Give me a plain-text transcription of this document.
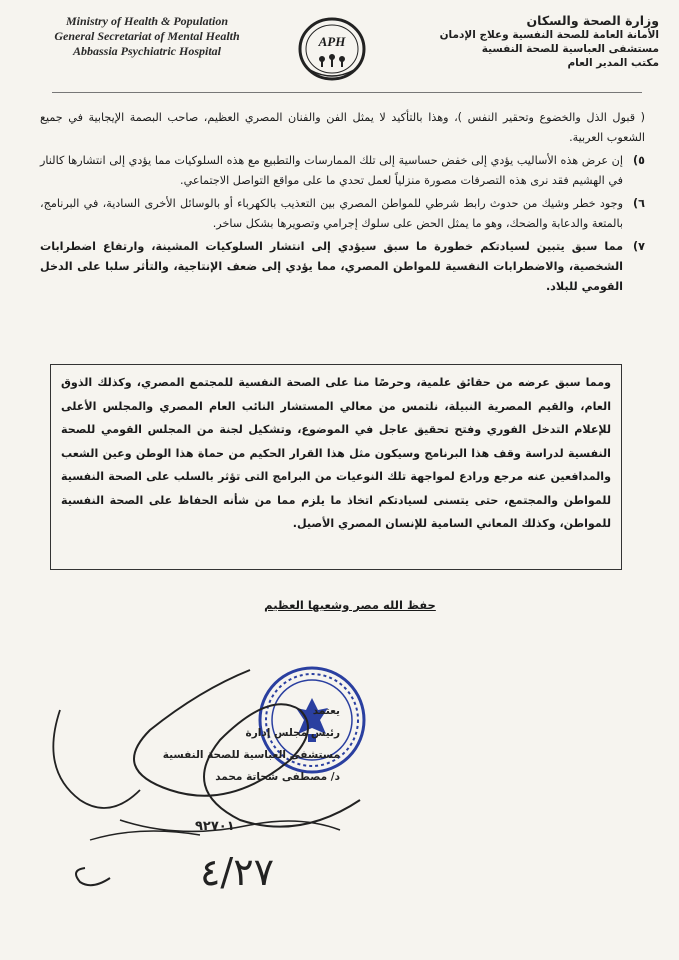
Ministry of Health & Population
General Secretariat of Mental Health
Abbassia Psychiatric Hospital
APH
وزارة الصحة والسكان
الأمانة العامة للصحة النفسية وعلاج الإدمان
مستشفى العباسية للصحة النفسية
مكتب المدير العام

( قبول الذل والخضوع وتحقير النفس )، وهذا بالتأكيد لا يمثل الفن والفنان المصري العظيم، صاحب البصمة الإيجابية في جميع الشعوب العربية.

٥)
إن عرض هذه الأساليب يؤدي إلى خفض حساسية إلى تلك الممارسات والتطبيع مع هذه السلوكيات مما يؤدي إلى انتشارها كالنار في الهشيم فقد نرى هذه التصرفات مصورة منزلياً لعمل تحدي ما على مواقع التواصل الاجتماعي.
٦)
وجود خطر وشيك من حدوث رابط شرطي للمواطن المصري بين التعذيب بالكهرباء أو بالوسائل الأخرى السادية، في البرنامج، بالمتعة والدعابة والضحك، وهو ما يمثل الحض على سلوك إجرامي وتصويرها بشكل ساخر.
٧)
مما سبق يتبين لسيادتكم خطورة ما سبق سيؤدي إلى انتشار السلوكيات المشينة، وارتفاع اضطرابات الشخصية، والاضطرابات النفسية للمواطن المصري، مما يؤدي إلى ضعف الإنتاجية، والتأثر سلبا على الدخل القومي للبلاد.
ومما سبق عرضه من حقائق علمية، وحرصًا منا على الصحة النفسية للمجتمع المصري، وكذلك الذوق العام، والقيم المصرية النبيلة، نلتمس من معالي المستشار النائب العام المصري والمجلس الأعلى للإعلام التدخل الفوري وفتح تحقيق عاجل في الموضوع، وتشكيل لجنة من المجلس القومي للصحة النفسية لدراسة وقف هذا البرنامج وسيكون مثل هذا القرار الحكيم من حماة هذا الوطن وعين الشعب والمدافعين عنه مرجع ورادع لمواجهة تلك النوعيات من البرامج التى تؤثر بالسلب على الصحة النفسية للمواطن والمجتمع، حتى يتسنى لسيادتكم اتخاذ ما يلزم مما من شأنه الحفاظ على الصحة النفسية للمواطن، وكذلك المعاني السامية للإنسان المصري الأصيل.
حفظ الله مصر وشعبها العظيم
يعتمد
رئيس مجلس إدارة
مستشفى العباسية للصحة النفسية
د/ مصطفى شحاتة محمد
٩٢٧٠١
٤/٢٧
